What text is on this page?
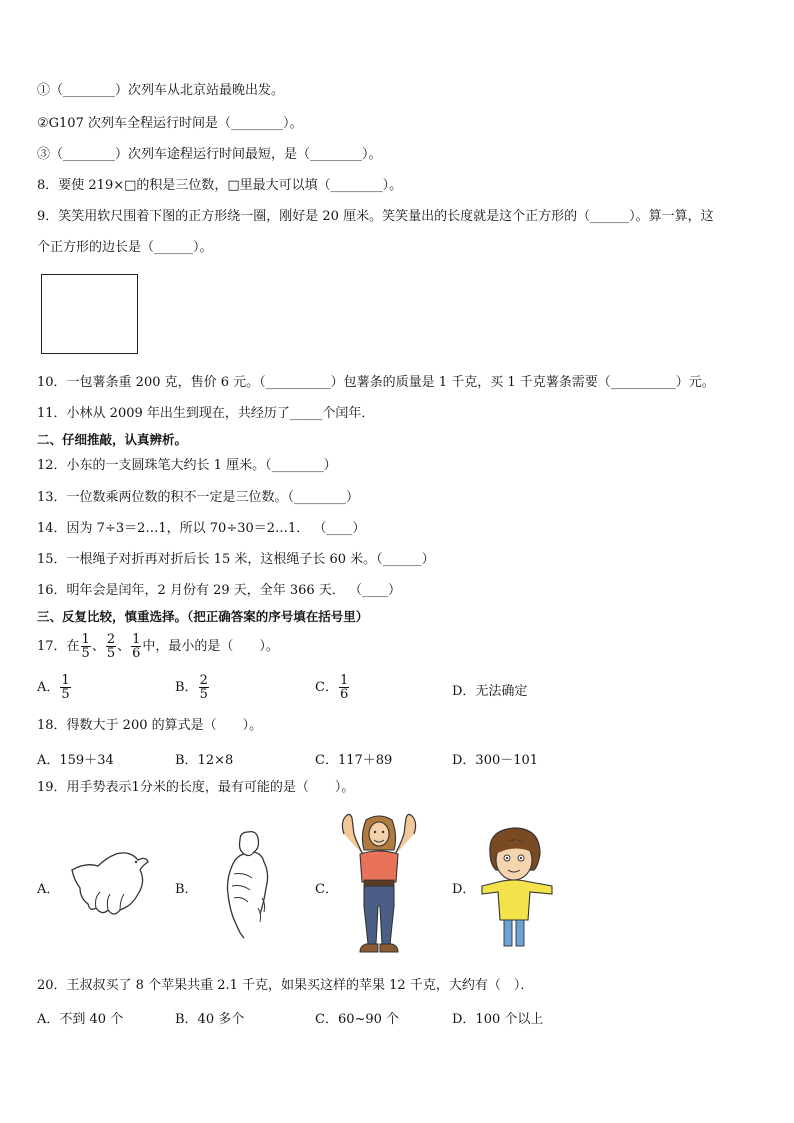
①（________）次列车从北京站最晚出发。
②G107 次列车全程运行时间是（________）。
③（________）次列车途程运行时间最短，是（________）。
8．要使 219×□的积是三位数，□里最大可以填（________）。
9．笑笑用软尺围着下图的正方形绕一圈，刚好是 20 厘米。笑笑量出的长度就是这个正方形的（______）。算一算，这
个正方形的边长是（______）。
10．一包薯条重 200 克，售价 6 元。（__________）包薯条的质量是 1 千克，买 1 千克薯条需要（__________）元。
11．小林从 2009 年出生到现在，共经历了_____个闰年．
二、仔细推敲，认真辨析。
12．小东的一支圆珠笔大约长 1 厘米。（________）
13．一位数乘两位数的积不一定是三位数。（________）
14．因为 7÷3＝2…1，所以 70÷30＝2…1． （____）
15．一根绳子对折再对折后长 15 米，这根绳子长 60 米。（______）
16．明年会是闰年，2 月份有 29 天，全年 366 天． （____）
三、反复比较，慎重选择。（把正确答案的序号填在括号里）
17．在 $\frac{1}{5}$ 、 $\frac{2}{5}$ 、 $\frac{1}{6}$ 中，最小的是（　　）。
A． $\frac{1}{5}$	B． $\frac{2}{5}$	C． $\frac{1}{6}$	D．无法确定
18．得数大于 200 的算式是（　　）。
A．159＋34	B．12×8	C．117＋89	D．300－101
19．用手势表示1分米的长度，最有可能的是（　　）。
A．	B．	C．	D．
20．王叔叔买了 8 个苹果共重 2.1 千克，如果买这样的苹果 12 千克，大约有（　）．
A．不到 40 个	B．40 多个	C．60~90 个	D．100 个以上
